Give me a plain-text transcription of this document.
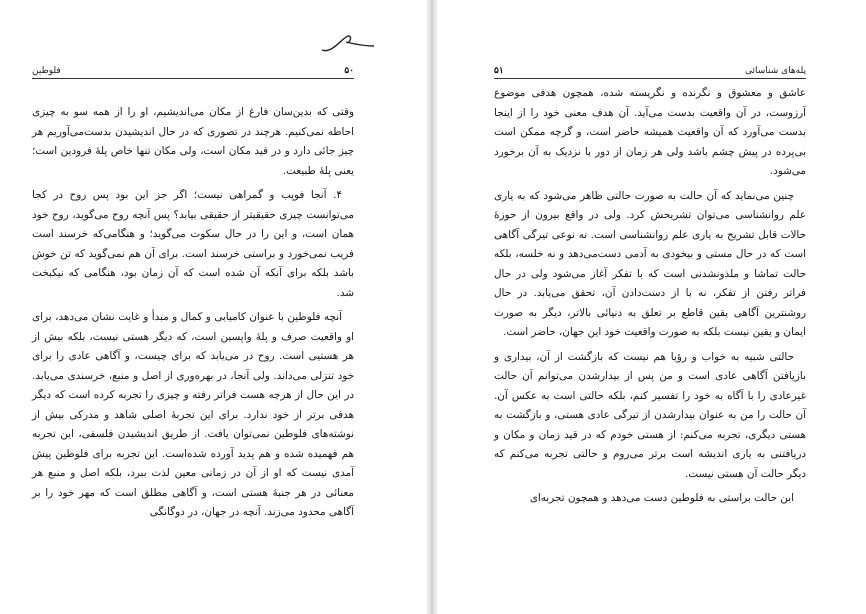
فلوطین	۵۰

وقتی که بدین‌سان فارغ از مکان می‌اندیشیم، او را از همه سو به چیزی احاطه نمی‌کنیم. هرچند در تصوری که در حال اندیشیدن بدست‌می‌آوریم هر چیز جائی دارد و در قید مکان است، ولی مکان تنها خاص پلهٔ فرودین است؛ یعنی پلهٔ طبیعت.

۴. آنجا فوپب و گمراهی نیست؛ اگر جز این بود پس روح در کجا می‌توانست چیزی حقیقیتر از حقیقی بیابد؟ پس آنچه روح می‌گوید، روح خود همان است، و این را در حال سکوت می‌گوید؛ و هنگامی‌که خرسند است فریب نمی‌خورد و براستی خرسند است. برای آن هم نمی‌گوید که تن خوش باشد بلکه برای آنکه آن شده است که آن زمان بود، هنگامی که نیکبخت شد.

آنچه فلوطین با عنوان کامیابی و کمال و مبدأ و غایت نشان می‌دهد، برای او واقعیت صرف و پلهٔ واپسین است، که دیگر هستی نیست، بلکه بیش از هر هستیی است. روح در می‌یابد که برای چیست، و آگاهی عادی را برای خود تنزلی می‌داند. ولی آنجا، در بهره‌وری از اصل و منبع، خرسندی می‌یابد. در این حال از هرچه هست فراتر رفته و چیزی را تجربه کرده است که دیگر هدفی برتر از خود ندارد. برای این تجربهٔ اصلی شاهد و مدرکی بیش از نوشته‌های فلوطین نمی‌توان یافت. از طریق اندیشیدن فلسفی، این تجربه هم فهمیده شده و هم پدید آورده شده‌است. این تجربه برای فلوطین پیش آمدی نیست که او از آن در زمانی معین لذت ببرد، بلکه اصل و منبع هر معنائی در هر جنبهٔ هستی است، و آگاهی مطلق است که مهر خود را بر آگاهی محدود می‌زند. آنچه در جهان، در دوگانگی

پله‌های شناسائی
۵۱

عاشق و معشوق و نگرنده و نگریسته شده، همچون هدفی موضوع آرزوست، در آن واقعیت بدست می‌آید. آن هدف معنی خود را از اینجا بدست می‌آورد که آن واقعیت همیشه حاضر است، و گرچه ممکن است بی‌پرده در پیش چشم باشد ولی هر زمان از دور یا نزدیک به آن برخورد می‌شود.

چنین می‌نماید که آن حالت به صورت حالتی ظاهر می‌شود که به یاری علم روانشناسی می‌توان تشریحش کرد. ولی در واقع بیرون از حوزهٔ حالات قابل تشریح به یاری علم روانشناسی است. نه نوعی تیرگی آگاهی است که در حال مستی و بیخودی به آدمی دست‌می‌دهد و نه خلسه، بلکه حالت تماشا و ملذونشدنی است که با تفکر آغاز می‌شود ولی در حال فراتر رفتن از تفکر، نه با از دست‌دادن آن، تحقق می‌یابد. در حال روشنترین آگاهی یقین قاطع بر تعلق به دنیائی بالاتر، دیگر به صورت ایمان و یقین نیست بلکه به صورت واقعیت خود این جهان، حاضر است.

حالتی شبیه به خواب و رؤیا هم نیست که بازگشت از آن، بیداری و بازیافتن آگاهی عادی است و من پس از بیدارشدن می‌توانم آن حالت غیرعادی را با آگاه به خود را تفسیر کنم، بلکه حالتی است به عکس آن. آن حالت را من به عنوان بیدارشدن از تیرگی عادی هستی، و بازگشت به هستی دیگری، تجربه می‌کنم: از هستی خودم که در قید زمان و مکان و دریافتنی به یاری اندیشه است برتر می‌روم و حالتی تجربه می‌کنم که دیگر حالت آن هستی نیست.

این حالت براستی به فلوطین دست می‌دهد و همچون تجربه‌ای
